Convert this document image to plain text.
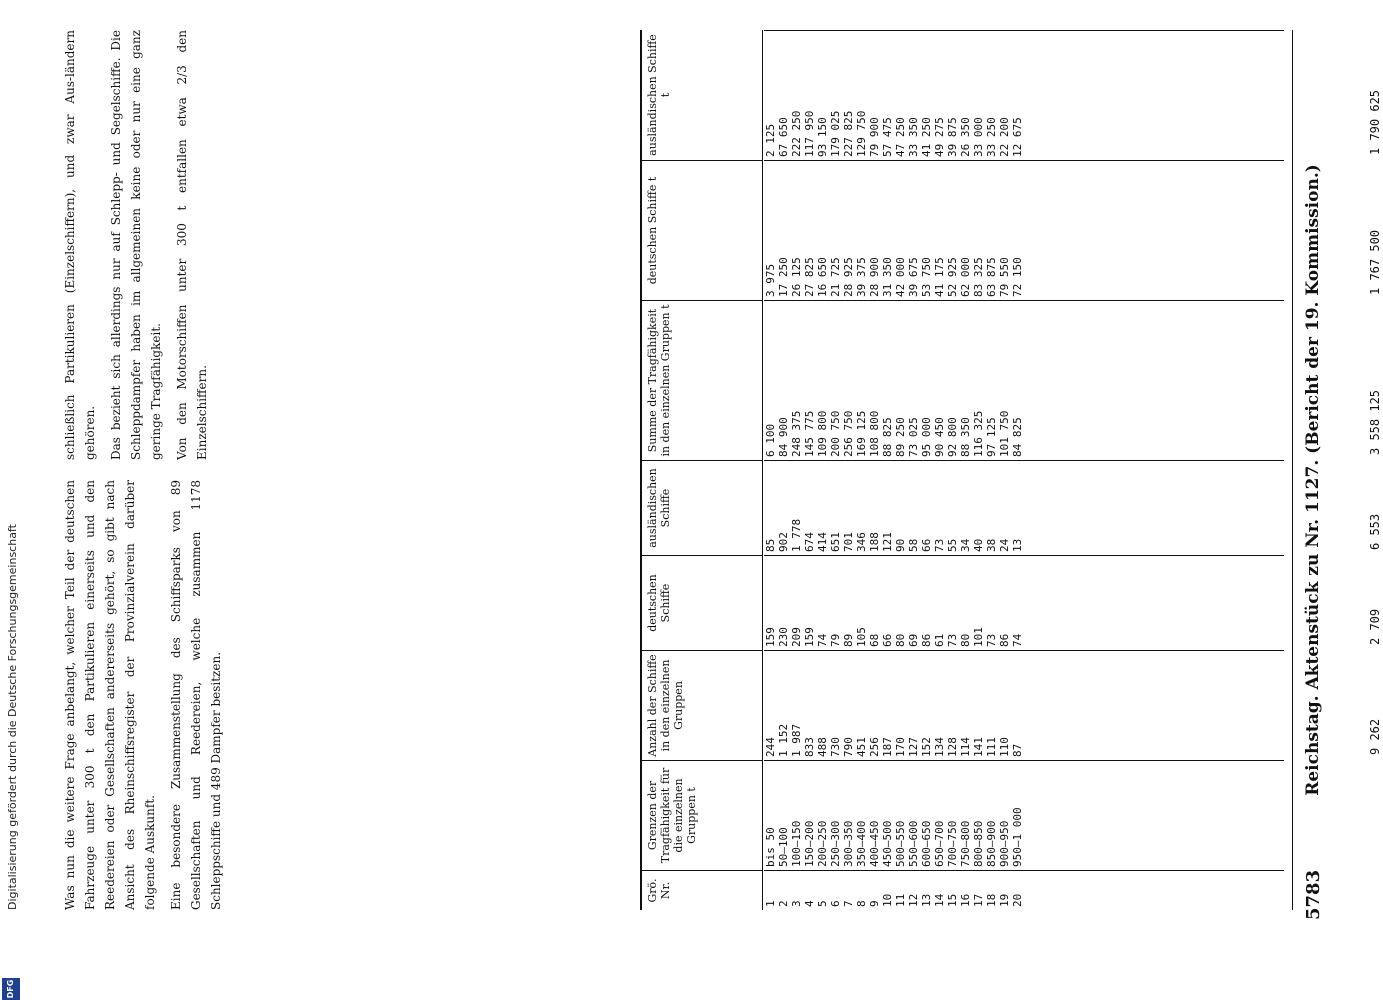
DFG
Digitalisierung gefördert durch die Deutsche Forschungsgemeinschaft	Was nun die weitere Frage anbelangt, welcher Teil der deutschen Fahrzeuge unter 300 t den Partikulieren einerseits und den Reedereien oder Gesellschaften andererseits gehört, so gibt nach Ansicht des Rheinschiffsregister der Provinzialverein darüber folgende Auskunft. Eine besondere Zusammenstellung des Schiffsparks von 89 Gesellschaften und Reedereien, welche zusammen 1178 Schleppschiffe und 489 Dampfer besitzen.

schließlich Partikulieren (Einzelschiffern), und zwar Aus-ländern gehören. Das bezieht sich allerdings nur auf Schlepp- und Segelschiffe. Die Schleppdampfer haben im allgemeinen keine oder nur eine ganz geringe Tragfähigkeit. Von den Motorschiffen unter 300 t entfallen etwa 2/3 den Einzelschiffern.

Grö. Nr.
Grenzen der Tragfähigkeit für die einzelnen Gruppen t
Anzahl der Schiffe in den einzelnen Gruppen
deutschen Schiffe
ausländischen Schiffe
Summe der Tragfähigkeit in den einzelnen Gruppen t
deutschen Schiffe t
ausländischen Schiffe t
1 2 3 4 5 6 7 8 9 10 11 12 13 14 15 16 17 18 19 20
bis 50 50—100 100—150 150—200 200—250 250—300 300—350 350—400 400—450 450—500 500—550 550—600 600—650 650—700 700—750 750—800 800—850 850—900 900—950 950—1 000
244 1 152 1 987 833 488 730 790 451 256 187 170 127 152 134 128 114 141 111 110 87
159 230 209 159 74 79 89 105 68 66 80 69 86 61 73 80 101 73 86 74
85 902 1 778 674 414 651 701 346 188 121 90 58 66 73 55 34 40 38 24 13
6 100 84 900 248 375 145 775 109 800 200 750 256 750 169 125 108 800 88 825 89 250 73 025 95 000 90 450 92 800 88 350 116 325 97 125 101 750 84 825
3 975 17 250 26 125 27 825 16 650 21 725 28 925 39 375 28 900 31 350 42 000 39 675 53 750 41 175 52 925 62 000 83 325 63 875 79 550 72 150
2 125 67 650 222 250 117 950 93 150 179 025 227 825 129 750 79 900 57 475 47 250 33 350 41 250 49 275 39 875 26 350 33 000 33 250 22 200 12 675
9 262
2 709
6 553
3 558 125
1 767 500
1 790 625
5783
Reichstag. Aktenstück zu Nr. 1127. (Bericht der 19. Kommission.)
